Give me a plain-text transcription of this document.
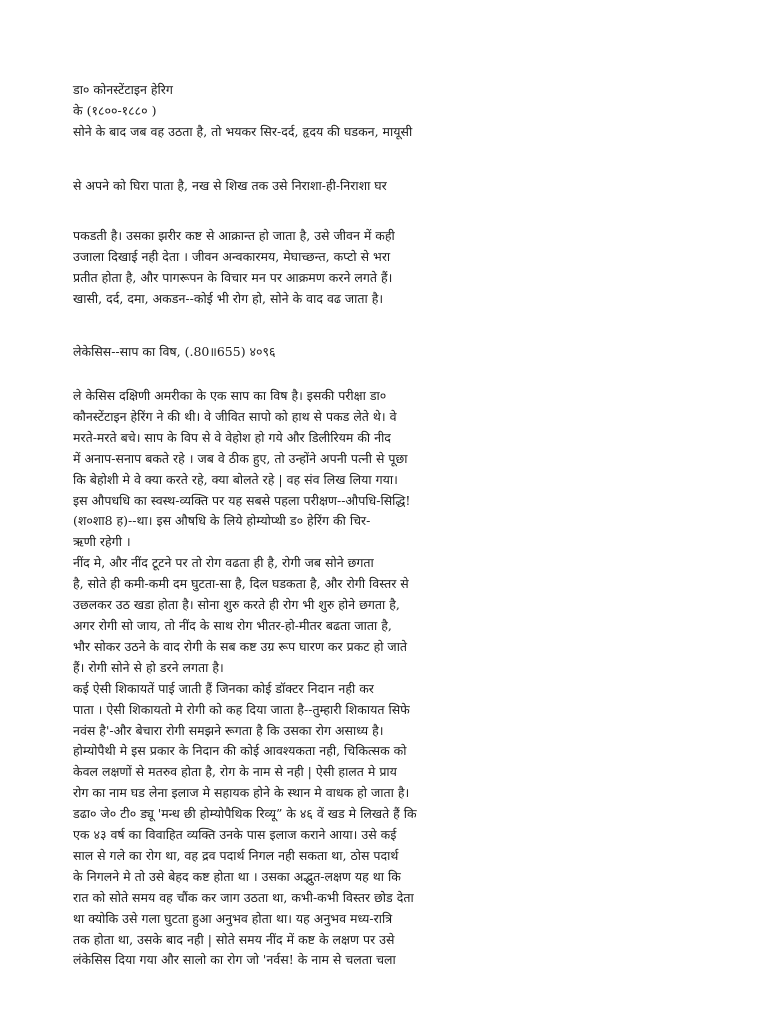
डा० कोनस्टेंटाइन हेरिग
के (१८००-१८८० )
सोने के बाद जब वह उठता है, तो भयकर सिर-दर्द, हृदय की घडकन, मायूसी
से अपने को घिरा पाता है, नख से शिख तक उसे निराशा-ही-निराशा घर
पकडती है। उसका झरीर कष्ट से आक्रान्त हो जाता है, उसे जीवन में कही
उजाला दिखाई नही देता । जीवन अन्वकारमय, मेघाच्छन्त, कप्टो से भरा
प्रतीत होता है, और पागरूपन के विचार मन पर आक्रमण करने लगते हैं।
खासी, दर्द, दमा, अकडन--कोई भी रोग हो, सोने के वाद वढ जाता है।
लेकेसिस--साप का विष, (.80॥655) ४०९६
ले केसिस दक्षिणी अमरीका के एक साप का विष है। इसकी परीक्षा डा०
कौनस्टेंटाइन हेरिंग ने की थी। वे जीवित सापो को हाथ से पकड लेते थे। वे
मरते-मरते बचे। साप के विप से वे वेहोश हो गये और डिलीरियम की नीद
में अनाप-सनाप बकते रहे । जब वे ठीक हुए, तो उन्होंने अपनी पत्नी से पूछा
कि बेहोशी मे वे क्या करते रहे, क्या बोलते रहे | वह संव लिख लिया गया।
इस औपधधि का स्वस्थ-व्यक्ति पर यह सबसे पहला परीक्षण--औपधि-सिद्धि!
(श०शा8 ह)--था। इस औषधि के लिये होम्योप्थी ड० हेरिंग की चिर-
ऋणी रहेगी ।
नींद मे, और नींद टूटने पर तो रोग वढता ही है, रोगी जब सोने छगता
है, सोते ही कमी-कमी दम घुटता-सा है, दिल घडकता है, और रोगी विस्तर से
उछलकर उठ खडा होता है। सोना शुरु करते ही रोग भी शुरु होने छगता है,
अगर रोगी सो जाय, तो नींद के साथ रोग भीतर-हो-मीतर बढता जाता है,
भौर सोकर उठने के वाद रोगी के सब कष्ट उग्र रूप घारण कर प्रकट हो जाते
हैं। रोगी सोने से हो डरने लगता है।
कई ऐसी शिकायतें पाई जाती हैं जिनका कोई डॉक्टर निदान नही कर
पाता । ऐसी शिकायतो मे रोगी को कह दिया जाता है--तुम्हारी शिकायत सिफे
नवंस है'-और बेचारा रोगी समझने रूगता है कि उसका रोग असाध्य है।
होम्योपैथी मे इस प्रकार के निदान की कोई आवश्यकता नही, चिकित्सक को
केवल लक्षणों से मतरुव होता है, रोग के नाम से नही | ऐसी हालत मे प्राय
रोग का नाम घड लेना इलाज मे सहायक होने के स्थान मे वाधक हो जाता है।
डढा० जे० टी० ड्यू 'मन्ध छी होम्योपैथिक रिव्यू” के ४६ वें खड मे लिखते हैं कि
एक ४३ वर्ष का विवाहित व्यक्ति उनके पास इलाज कराने आया। उसे कई
साल से गले का रोग था, वह द्रव पदार्थ निगल नही सकता था, ठोस पदार्थ
के निगलने मे तो उसे बेहद कष्ट होता था । उसका अद्भुत-लक्षण यह था कि
रात को सोते समय वह चौंक कर जाग उठता था, कभी-कभी विस्तर छोड देता
था क्योकि उसे गला घुटता हुआ अनुभव होता था। यह अनुभव मध्य-रात्रि
तक होता था, उसके बाद नही | सोते समय नींद में कष्ट के लक्षण पर उसे
लंकेसिस दिया गया और सालो का रोग जो 'नर्वस! के नाम से चलता चला
